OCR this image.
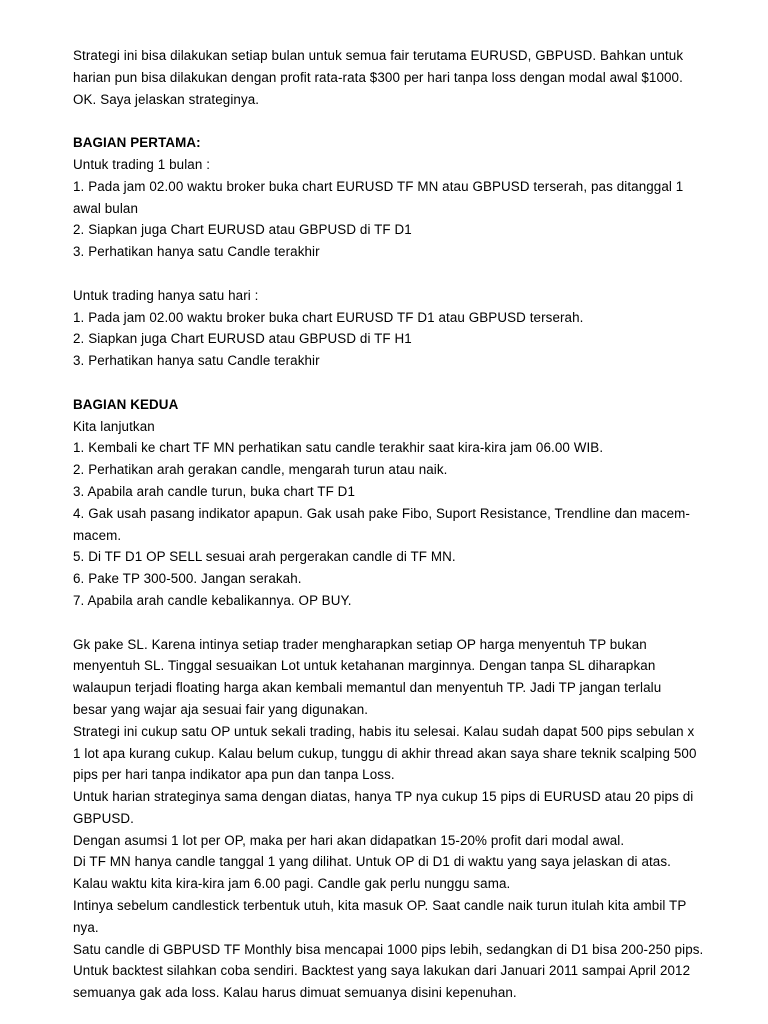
Strategi ini bisa dilakukan setiap bulan untuk semua fair terutama EURUSD, GBPUSD. Bahkan untuk
harian pun bisa dilakukan dengan profit rata-rata $300 per hari tanpa loss dengan modal awal $1000.
OK. Saya jelaskan strateginya.
BAGIAN PERTAMA:
Untuk trading 1 bulan :
1. Pada jam 02.00 waktu broker buka chart EURUSD TF MN atau GBPUSD terserah, pas ditanggal 1
awal bulan
2. Siapkan juga Chart EURUSD atau GBPUSD di TF D1
3. Perhatikan hanya satu Candle terakhir
Untuk trading hanya satu hari :
1. Pada jam 02.00 waktu broker buka chart EURUSD TF D1 atau GBPUSD terserah.
2. Siapkan juga Chart EURUSD atau GBPUSD di TF H1
3. Perhatikan hanya satu Candle terakhir
BAGIAN KEDUA
Kita lanjutkan
1. Kembali ke chart TF MN perhatikan satu candle terakhir saat kira-kira jam 06.00 WIB.
2. Perhatikan arah gerakan candle, mengarah turun atau naik.
3. Apabila arah candle turun, buka chart TF D1
4. Gak usah pasang indikator apapun. Gak usah pake Fibo, Suport Resistance, Trendline dan macem-
macem.
5. Di TF D1 OP SELL sesuai arah pergerakan candle di TF MN.
6. Pake TP 300-500. Jangan serakah.
7. Apabila arah candle kebalikannya. OP BUY.
Gk pake SL. Karena intinya setiap trader mengharapkan setiap OP harga menyentuh TP bukan
menyentuh SL. Tinggal sesuaikan Lot untuk ketahanan marginnya. Dengan tanpa SL diharapkan
walaupun terjadi floating harga akan kembali memantul dan menyentuh TP. Jadi TP jangan terlalu
besar yang wajar aja sesuai fair yang digunakan.
Strategi ini cukup satu OP untuk sekali trading, habis itu selesai. Kalau sudah dapat 500 pips sebulan x
1 lot apa kurang cukup. Kalau belum cukup, tunggu di akhir thread akan saya share teknik scalping 500
pips per hari tanpa indikator apa pun dan tanpa Loss.
Untuk harian strateginya sama dengan diatas, hanya TP nya cukup 15 pips di EURUSD atau 20 pips di
GBPUSD.
Dengan asumsi 1 lot per OP, maka per hari akan didapatkan 15-20% profit dari modal awal.
Di TF MN hanya candle tanggal 1 yang dilihat. Untuk OP di D1 di waktu yang saya jelaskan di atas.
Kalau waktu kita kira-kira jam 6.00 pagi. Candle gak perlu nunggu sama.
Intinya sebelum candlestick terbentuk utuh, kita masuk OP. Saat candle naik turun itulah kita ambil TP
nya.
Satu candle di GBPUSD TF Monthly bisa mencapai 1000 pips lebih, sedangkan di D1 bisa 200-250 pips.
Untuk backtest silahkan coba sendiri. Backtest yang saya lakukan dari Januari 2011 sampai April 2012
semuanya gak ada loss. Kalau harus dimuat semuanya disini kepenuhan.
